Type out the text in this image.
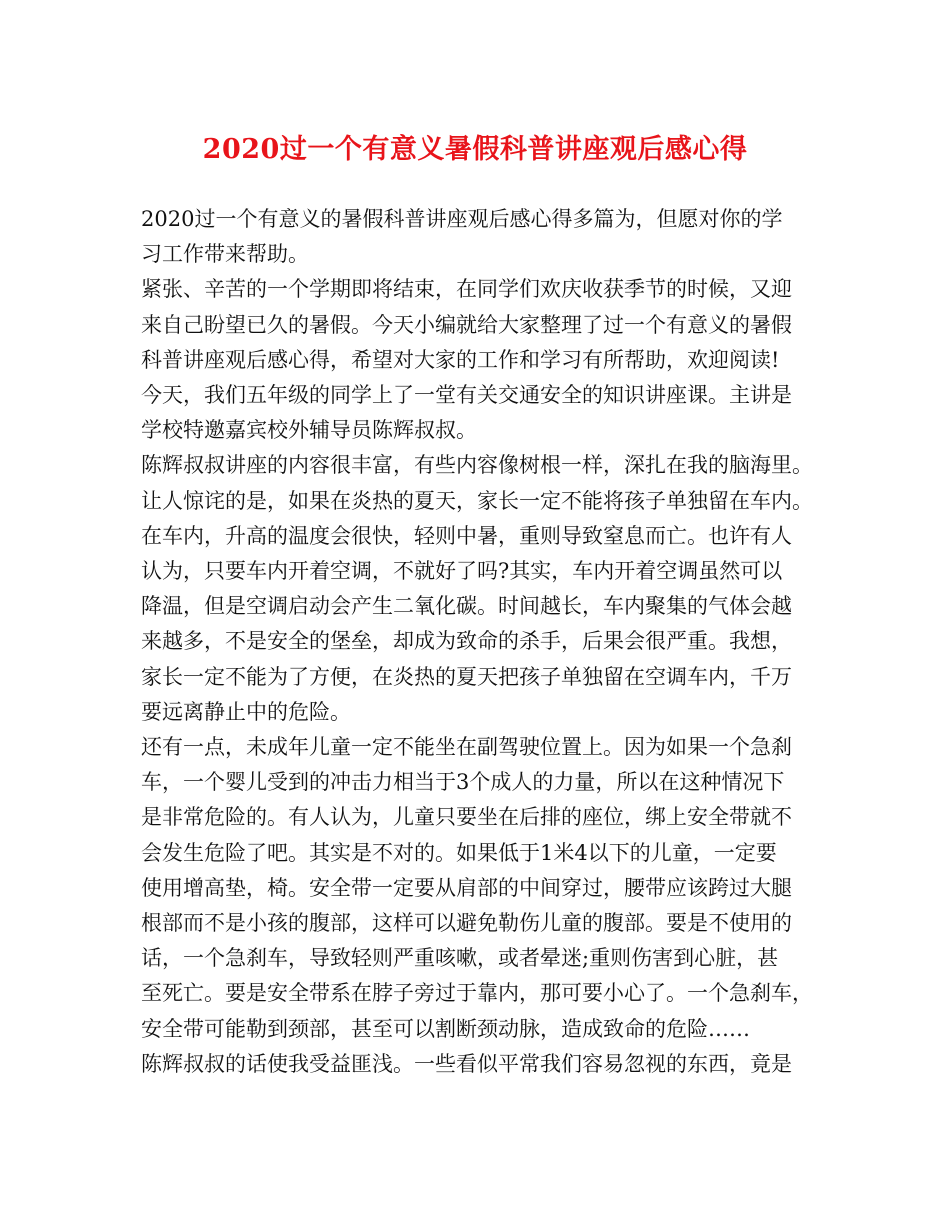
2020过一个有意义暑假科普讲座观后感心得

2020过一个有意义的暑假科普讲座观后感心得多篇为，但愿对你的学

习工作带来帮助。

紧张、辛苦的一个学期即将结束，在同学们欢庆收获季节的时候，又迎

来自己盼望已久的暑假。今天小编就给大家整理了过一个有意义的暑假

科普讲座观后感心得，希望对大家的工作和学习有所帮助，欢迎阅读!

今天，我们五年级的同学上了一堂有关交通安全的知识讲座课。主讲是

学校特邀嘉宾校外辅导员陈辉叔叔。

陈辉叔叔讲座的内容很丰富，有些内容像树根一样，深扎在我的脑海里。

让人惊诧的是，如果在炎热的夏天，家长一定不能将孩子单独留在车内。

在车内，升高的温度会很快，轻则中暑，重则导致窒息而亡。也许有人

认为，只要车内开着空调，不就好了吗?其实，车内开着空调虽然可以

降温，但是空调启动会产生二氧化碳。时间越长，车内聚集的气体会越

来越多，不是安全的堡垒，却成为致命的杀手，后果会很严重。我想，

家长一定不能为了方便，在炎热的夏天把孩子单独留在空调车内，千万

要远离静止中的危险。

还有一点，未成年儿童一定不能坐在副驾驶位置上。因为如果一个急刹

车，一个婴儿受到的冲击力相当于3个成人的力量，所以在这种情况下

是非常危险的。有人认为，儿童只要坐在后排的座位，绑上安全带就不

会发生危险了吧。其实是不对的。如果低于1米4以下的儿童，一定要

使用增高垫，椅。安全带一定要从肩部的中间穿过，腰带应该跨过大腿

根部而不是小孩的腹部，这样可以避免勒伤儿童的腹部。要是不使用的

话，一个急刹车，导致轻则严重咳嗽，或者晕迷;重则伤害到心脏，甚

至死亡。要是安全带系在脖子旁过于靠内，那可要小心了。一个急刹车，

安全带可能勒到颈部，甚至可以割断颈动脉，造成致命的危险……

陈辉叔叔的话使我受益匪浅。一些看似平常我们容易忽视的东西，竟是
